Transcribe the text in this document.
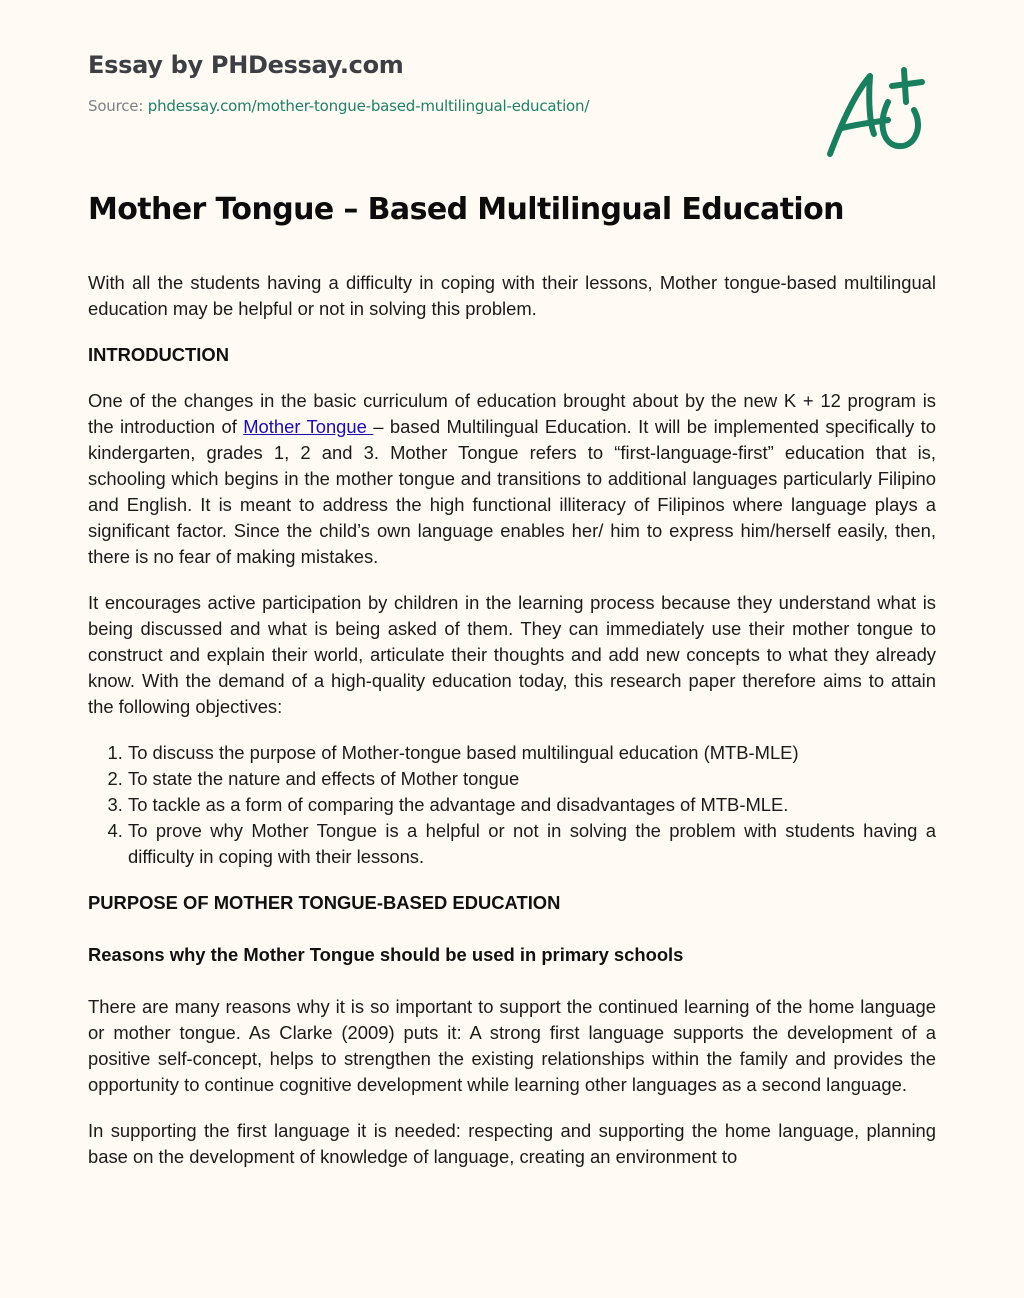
Essay by PHDessay.com
Source: phdessay.com/mother-tongue-based-multilingual-education/
Mother Tongue – Based Multilingual Education

With all the students having a difficulty in coping with their lessons, Mother tongue-based multilingual education may be helpful or not in solving this problem.

INTRODUCTION

One of the changes in the basic curriculum of education brought about by the new K + 12 program is the introduction of Mother Tongue – based Multilingual Education. It will be implemented specifically to kindergarten, grades 1, 2 and 3. Mother Tongue refers to “first-language-first” education that is, schooling which begins in the mother tongue and transitions to additional languages particularly Filipino and English. It is meant to address the high functional illiteracy of Filipinos where language plays a significant factor. Since the child’s own language enables her/ him to express him/herself easily, then, there is no fear of making mistakes.

It encourages active participation by children in the learning process because they understand what is being discussed and what is being asked of them. They can immediately use their mother tongue to construct and explain their world, articulate their thoughts and add new concepts to what they already know. With the demand of a high-quality education today, this research paper therefore aims to attain the following objectives:

1. To discuss the purpose of Mother-tongue based multilingual education (MTB-MLE)
2. To state the nature and effects of Mother tongue
3. To tackle as a form of comparing the advantage and disadvantages of MTB-MLE.
4. To prove why Mother Tongue is a helpful or not in solving the problem with students having a difficulty in coping with their lessons.
PURPOSE OF MOTHER TONGUE-BASED EDUCATION
Reasons why the Mother Tongue should be used in primary schools

There are many reasons why it is so important to support the continued learning of the home language or mother tongue. As Clarke (2009) puts it: A strong first language supports the development of a positive self-concept, helps to strengthen the existing relationships within the family and provides the opportunity to continue cognitive development while learning other languages as a second language.

In supporting the first language it is needed: respecting and supporting the home language, planning base on the development of knowledge of language, creating an environment to
